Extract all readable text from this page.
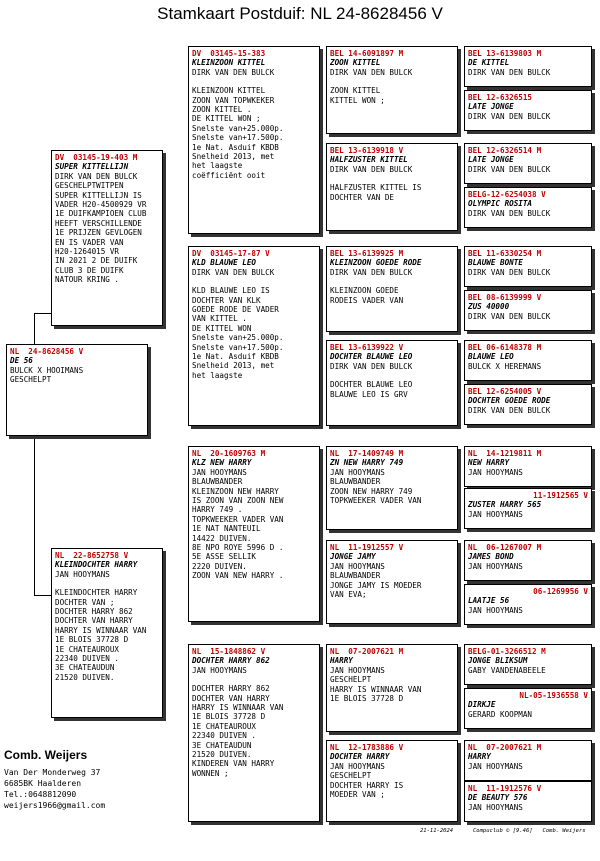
Stamkaart Postduif: NL 24-8628456 V
NL  24-8628456 V
DE 56
BULCK X HOOIMANS
GESCHELPT
DV  03145-19-403 M
SUPER KITTELLIJN
DIRK VAN DEN BULCK
GESCHELPTWITPEN
SUPER KITTELLIJN IS
VADER H20-4500929 VR
1E DUIFKAMPIOEN CLUB
HEEFT VERSCHILLENDE
1E PRIJZEN GEVLOGEN
EN IS VADER VAN
H20-1264015 VR
IN 2021 2 DE DUIFK
CLUB 3 DE DUIFK
NATOUR KRING .
NL  22-8652758 V
KLEINDOCHTER HARRY
JAN HOOYMANS
KLEINDOCHTER HARRY
DOCHTER VAN ;
DOCHTER HARRY 862
DOCHTER VAN HARRY
HARRY IS WINNAAR VAN
1E BLOIS 37728 D
1E CHATEAUROUX
22340 DUIVEN .
3E CHATEAUDUN
21520 DUIVEN.
DV  03145-15-383
KLEINZOON KITTEL
DIRK VAN DEN BULCK
KLEINZOON KITTEL
ZOON VAN TOPWKEKER
ZOON KITTEL .
DE KITTEL WON ;
Snelste van+25.000p.
Snelste van+17.500p.
1e Nat. Asduif KBDB
Snelheid 2013, met
het laagste
coëfficiënt ooit
DV  03145-17-87 V
KLD BLAUWE LEO
DIRK VAN DEN BULCK
KLD BLAUWE LEO IS
DOCHTER VAN KLK
GOEDE RODE DE VADER
VAN KITTEL .
DE KITTEL WON
Snelste van+25.000p.
Snelste van+17.500p.
1e Nat. Asduif KBDB
Snelheid 2013, met
het laagste
NL  20-1609763 M
KLZ NEW HARRY
JAN HOOYMANS
BLAUWBANDER
KLEINZOON NEW HARRY
IS ZOON VAN ZOON NEW
HARRY 749 .
TOPKWEEKER VADER VAN
1E NAT NANTEUIL
14422 DUIVEN.
8E NPO ROYE 5996 D .
5E ASSE SELLIK
2220 DUIVEN.
ZOON VAN NEW HARRY .
NL  15-1848862 V
DOCHTER HARRY 862
JAN HOOYMANS
DOCHTER HARRY 862
DOCHTER VAN HARRY
HARRY IS WINNAAR VAN
1E BLOIS 37728 D
1E CHATEAUROUX
22340 DUIVEN .
3E CHATEAUDUN
21520 DUIVEN.
KINDEREN VAN HARRY
WONNEN ;
BEL 14-6091897 M
ZOON KITTEL
DIRK VAN DEN BULCK
ZOON KITTEL
KITTEL WON ;
BEL 13-6139918 V
HALFZUSTER KITTEL
DIRK VAN DEN BULCK
HALFZUSTER KITTEL IS
DOCHTER VAN DE
BEL 13-6139925 M
KLEINZOON GOEDE RODE
DIRK VAN DEN BULCK
KLEINZOON GOEDE
RODEIS VADER VAN
BEL 13-6139922 V
DOCHTER BLAUWE LEO
DIRK VAN DEN BULCK
DOCHTER BLAUWE LEO
BLAUWE LEO IS GRV
NL  17-1409749 M
ZN NEW HARRY 749
JAN HOOYMANS
BLAUWBANDER
ZOON NEW HARRY 749
TOPKWEEKER VADER VAN
NL  11-1912557 V
JONGE JAMY
JAN HOOYMANS
BLAUWBANDER
JONGE JAMY IS MOEDER
VAN EVA;
NL  07-2007621 M
HARRY
JAN HOOYMANS
GESCHELPT
HARRY IS WINNAAR VAN
1E BLOIS 37728 D
NL  12-1783886 V
DOCHTER HARRY
JAN HOOYMANS
GESCHELPT
DOCHTER HARRY IS
MOEDER VAN ;
BEL 13-6139803 M
DE KITTEL
DIRK VAN DEN BULCK
BEL 12-6326515
LATE JONGE
DIRK VAN DEN BULCK
BEL 12-6326514 M
LATE JONGE
DIRK VAN DEN BULCK
BELG-12-6254038 V
OLYMPIC ROSITA
DIRK VAN DEN BULCK
BEL 11-6330254 M
BLAUWE BONTE
DIRK VAN DEN BULCK
BEL 08-6139999 V
ZUS 40000
DIRK VAN DEN BULCK
BEL 06-6148378 M
BLAUWE LEO
BULCK X HEREMANS
BEL 12-6254005 V
DOCHTER GOEDE RODE
DIRK VAN DEN BULCK
NL  14-1219811 M
NEW HARRY
JAN HOOYMANS
11-1912565 V
ZUSTER HARRY 565
JAN HOOYMANS
NL  06-1267007 M
JAMES BOND
JAN HOOYMANS
06-1269956 V
LAATJE 56
JAN HOOYMANS
BELG-01-3266512 M
JONGE BLIKSUM
GABY VANDENABEELE
NL-05-1936558 V
DIRKJE
GERARD KOOPMAN
NL  07-2007621 M
HARRY
JAN HOOYMANS
NL  11-1912576 V
DE BEAUTY 576
JAN HOOYMANS
Comb. Weijers
Van Der Monderweg 37
6685BK Haalderen
Tel.:0648812090
weijers1966@gmail.com
21-11-2024	Compuclub © [9.46] Comb. Weijers
